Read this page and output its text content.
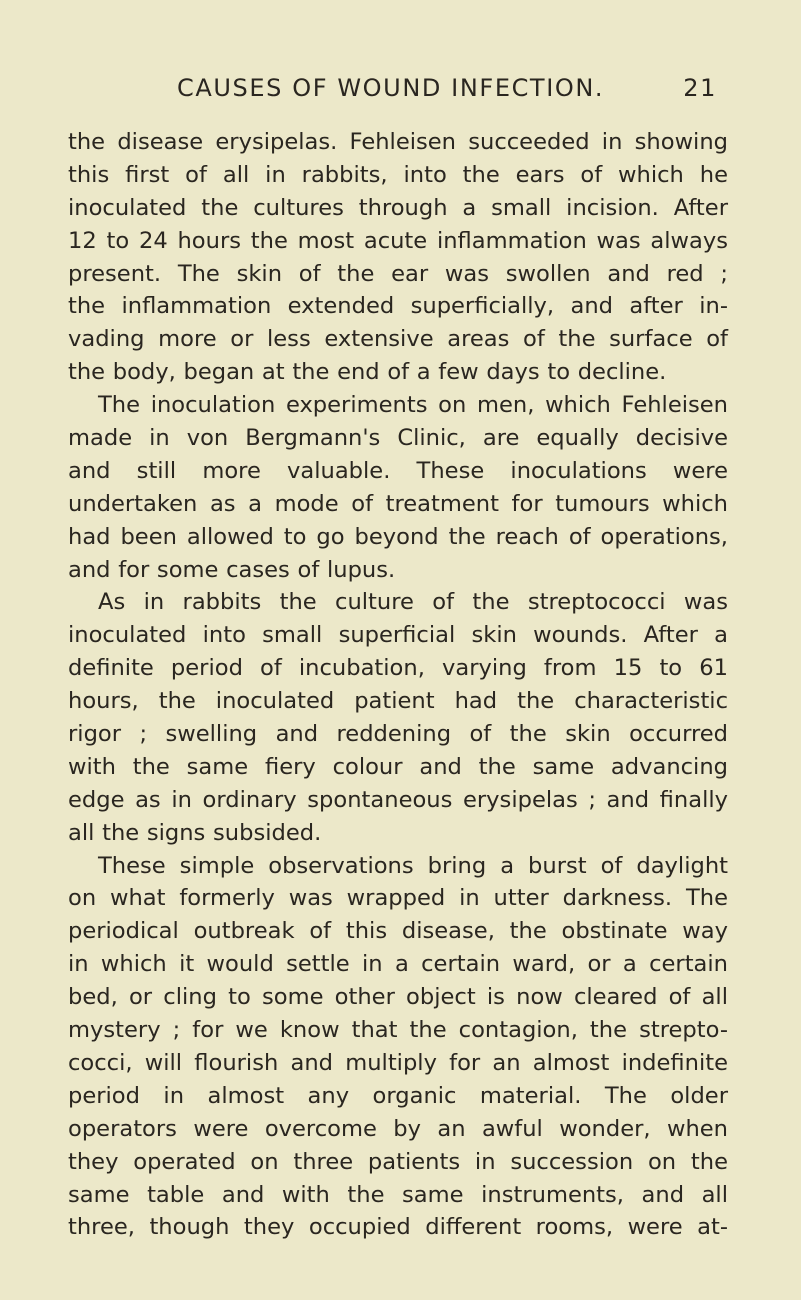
CAUSES OF WOUND INFECTION.	21
the disease erysipelas. Fehleisen succeeded in showing
this first of all in rabbits, into the ears of which he
inoculated the cultures through a small incision. After
12 to 24 hours the most acute inflammation was always
present. The skin of the ear was swollen and red ;
the inflammation extended superficially, and after in-
vading more or less extensive areas of the surface of
the body, began at the end of a few days to decline.
The inoculation experiments on men, which Fehleisen
made in von Bergmann's Clinic, are equally decisive
and still more valuable. These inoculations were
undertaken as a mode of treatment for tumours which
had been allowed to go beyond the reach of operations,
and for some cases of lupus.
As in rabbits the culture of the streptococci was
inoculated into small superficial skin wounds. After a
definite period of incubation, varying from 15 to 61
hours, the inoculated patient had the characteristic
rigor ; swelling and reddening of the skin occurred
with the same fiery colour and the same advancing
edge as in ordinary spontaneous erysipelas ; and finally
all the signs subsided.
These simple observations bring a burst of daylight
on what formerly was wrapped in utter darkness. The
periodical outbreak of this disease, the obstinate way
in which it would settle in a certain ward, or a certain
bed, or cling to some other object is now cleared of all
mystery ; for we know that the contagion, the strepto-
cocci, will flourish and multiply for an almost indefinite
period in almost any organic material. The older
operators were overcome by an awful wonder, when
they operated on three patients in succession on the
same table and with the same instruments, and all
three, though they occupied different rooms, were at-
